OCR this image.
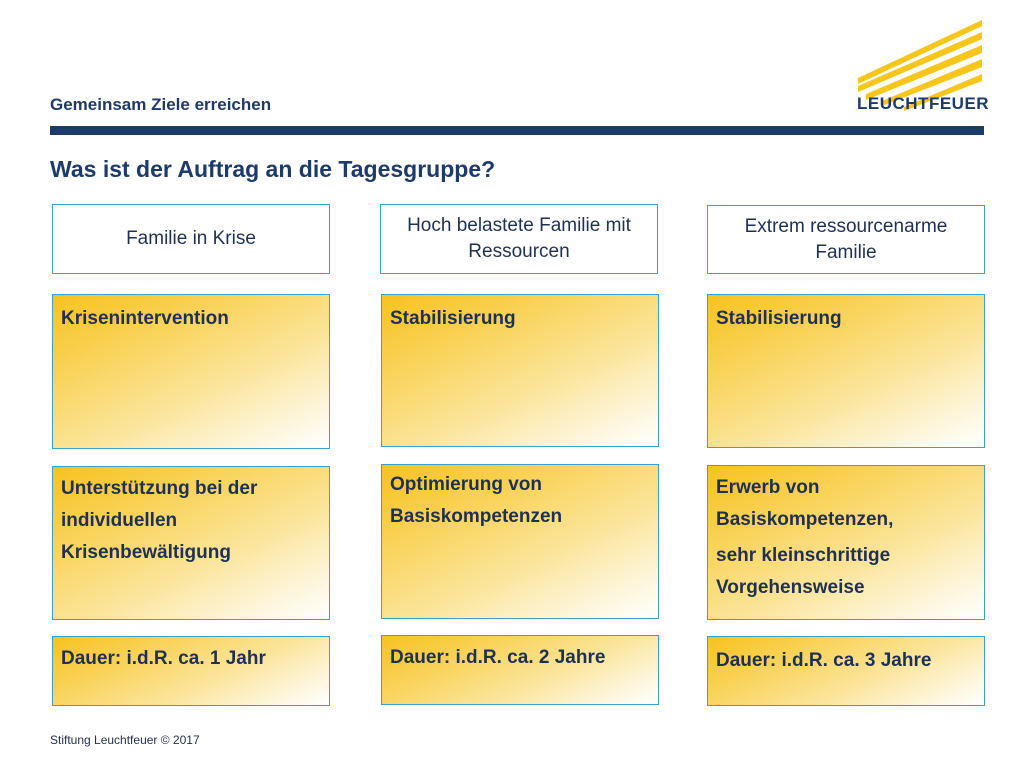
Gemeinsam Ziele erreichen	LEUCHTFEUER
Was ist der Auftrag an die Tagesgruppe?
Familie in Krise
Krisenintervention
Unterstützung bei der
individuellen
Krisenbewältigung
Dauer: i.d.R. ca. 1 Jahr
Hoch belastete Familie mit Ressourcen
Stabilisierung
Optimierung von
Basiskompetenzen
Dauer: i.d.R. ca. 2 Jahre
Extrem ressourcenarme Familie
Stabilisierung
Erwerb von
Basiskompetenzen,
sehr kleinschrittige
Vorgehensweise
Dauer: i.d.R. ca. 3 Jahre
Stiftung Leuchtfeuer © 2017
